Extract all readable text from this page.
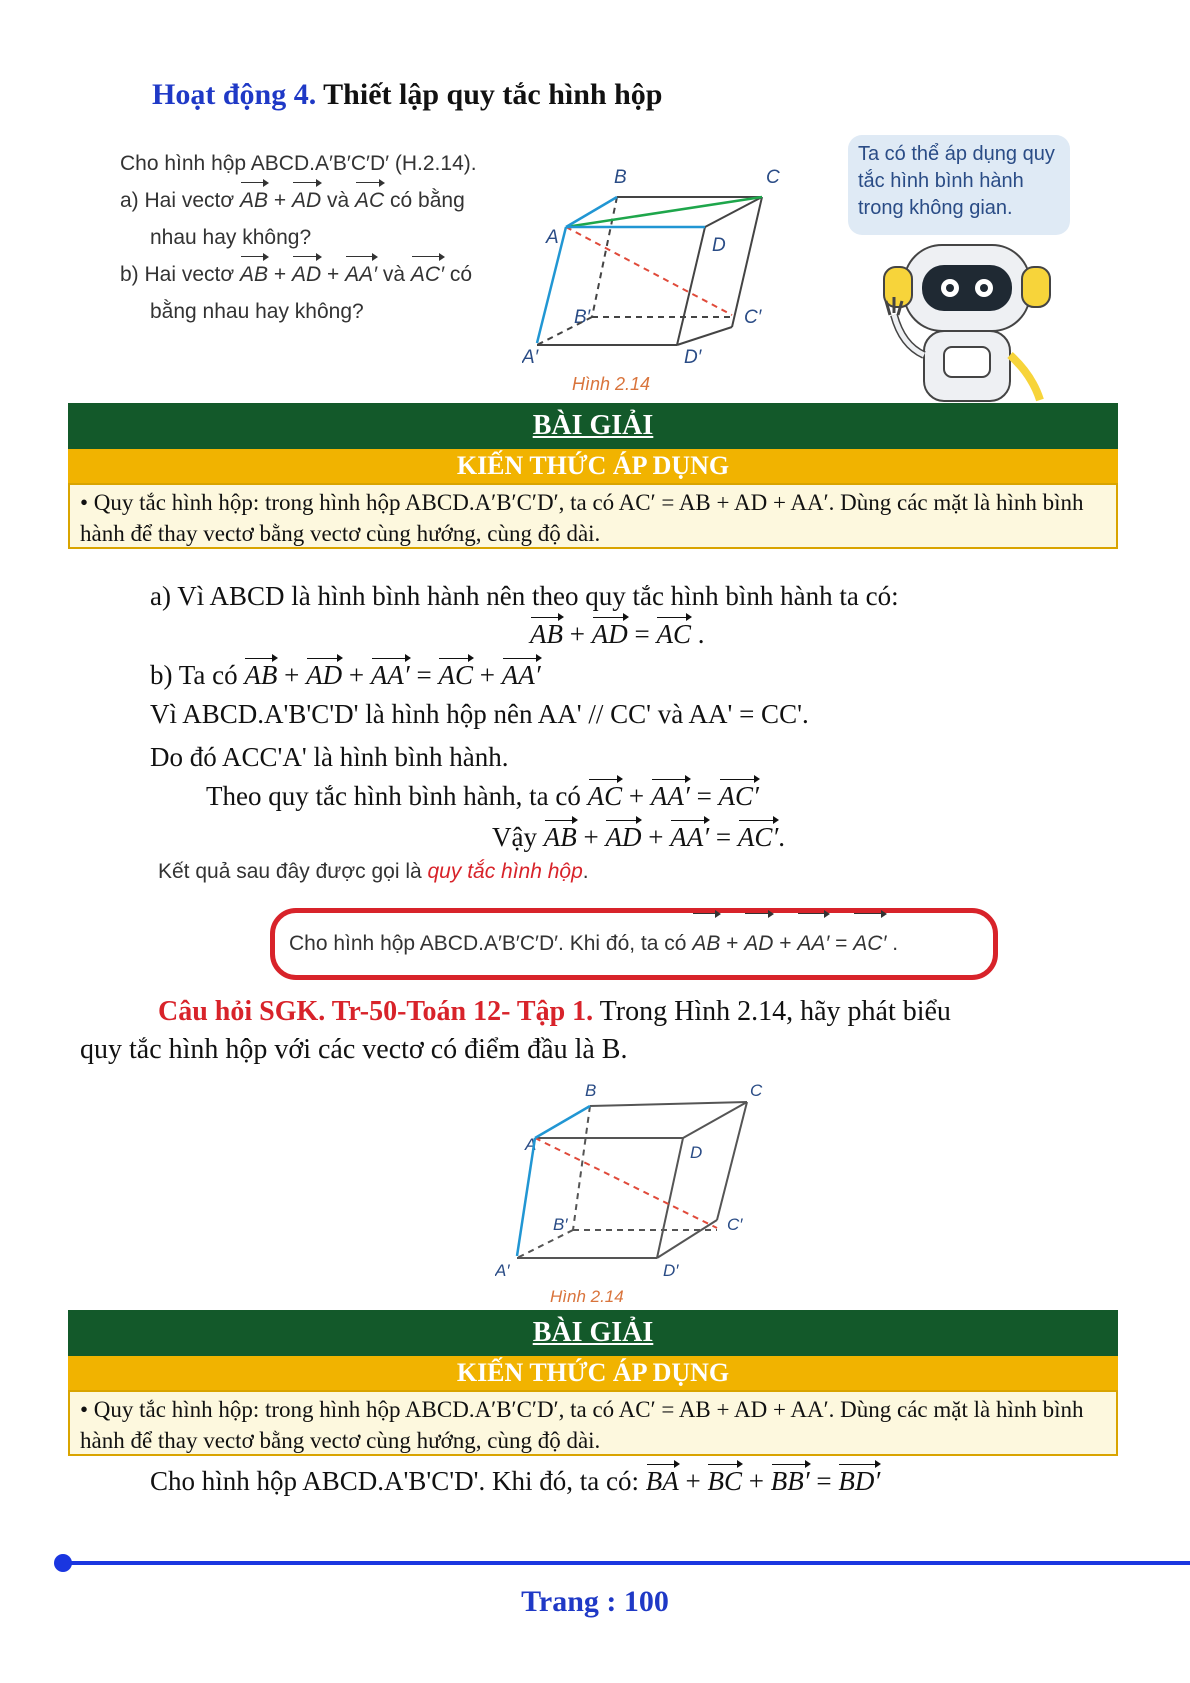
Hoạt động 4. Thiết lập quy tắc hình hộp
Cho hình hộp ABCD.A′B′C′D′ (H.2.14).
a) Hai vectơ AB + AD và AC có bằng
nhau hay không?
b) Hai vectơ AB + AD + AA′ và AC′ có
bằng nhau hay không?
B	C
A	D
B′	C′
A′	D′
Hình 2.14
Ta có thể áp dụng quy tắc hình bình hành trong không gian.
BÀI GIẢI
KIẾN THỨC ÁP DỤNG
• Quy tắc hình hộp: trong hình hộp ABCD.A′B′C′D′, ta có AC′ = AB + AD + AA′. Dùng các mặt là hình bình hành để thay vectơ bằng vectơ cùng hướng, cùng độ dài.
a) Vì ABCD là hình bình hành nên theo quy tắc hình bình hành ta có:
AB + AD = AC .
b) Ta có AB + AD + AA′ = AC + AA′
Vì ABCD.A'B'C'D' là hình hộp nên AA' // CC' và AA' = CC'.
Do đó ACC'A' là hình bình hành.
Theo quy tắc hình bình hành, ta có AC + AA′ = AC′
Vậy AB + AD + AA′ = AC′.
Kết quả sau đây được gọi là quy tắc hình hộp.
Cho hình hộp ABCD.A′B′C′D′. Khi đó, ta có AB + AD + AA′ = AC′ .
Câu hỏi SGK. Tr-50-Toán 12- Tập 1. Trong Hình 2.14, hãy phát biểu
quy tắc hình hộp với các vectơ có điểm đầu là B.
B	C
A	D
B′	C′
A′	D′
Hình 2.14
BÀI GIẢI
KIẾN THỨC ÁP DỤNG
• Quy tắc hình hộp: trong hình hộp ABCD.A′B′C′D′, ta có AC′ = AB + AD + AA′. Dùng các mặt là hình bình hành để thay vectơ bằng vectơ cùng hướng, cùng độ dài.
Cho hình hộp ABCD.A'B'C'D'. Khi đó, ta có: BA + BC + BB′ = BD′
Trang : 100
